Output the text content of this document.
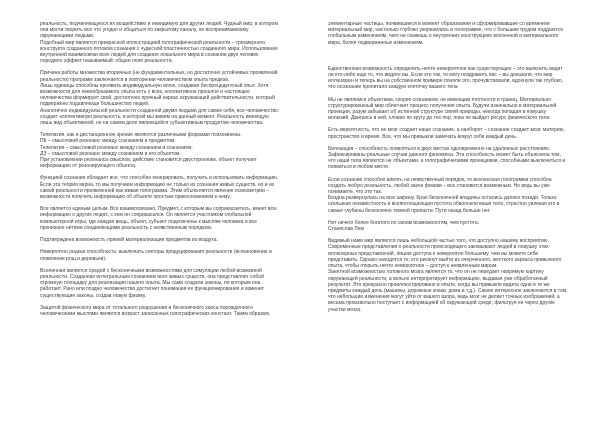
реальность, подчиняющуюся их воздействию и невидимую для других людей. Чудный мир, в котором они могли творить все что угодно и общаться по закрытому каналу, не воспринимаемому окружающими людьми.

Подобный мир является прекрасной иллюстрацией голографической реальности – трехмерного конструкта созданного потоком сознания с чудесной пластичностью созданного мира. Использование внутренней взаимосвязи всех людей для создания локального мира в сознании двух человек породило эффект называемый: общее поле реальности.

Причина работы множества вторичных (не фундаментальных, но достаточно устойчивых проявлений реальности) программ заключается в повторении человечеством опыта предков.

Лишь единицы способны проявить индивидуальную волю, создавая беспрецедентный опыт. Хотя возможности для невообразимого опыта есть у всех, коллективное прошлое и настоящее человечества формирует свой, достаточно прочный каркас окружающей действительности, который подвержено подавляюще большинство людей.

Аналогично индивидуальной реальности созданной двумя людьми для самих себя, все человечество создает коллективную реальность, в которой мы живем на данный момент. Реальность имеющую лишь вид объективной, но на самом деле являющейся субъективным продуктом человечества.

Телепатия, как и дистанционное зрение являются различными формами психокинеза.

ПК – смысловой резонанс между сознанием и предметом.

Телепатия – смысловой резонанс между сознанием и сознанием.

ДЗ – смысловой резонанс между сознанием и его объектом.

При установлении резонанса смыслов, действие становится двусторонним, объект получает информацию от резонирующего объекта.

Функцией сознания обладает все, что способно генерировать, получать и использовать информацию. Если эта теория верна, то мы получаем информацию не только из сознания живых существ, но и из самой реальности проявленной как живая голограмма. Этим объясняется явление психометрии – возможности получить информацию об объекте простым прикосновением к нему.

Все является единым целым. Все взаимосвязано. Предмет, с которым вы соприкасаетесь, имеет всю информацию о других людях, с кем он соприкасался. Он является участником глобальной компьютерной игры, где каждая вещь, объект, субъект подключены к мыслям человека и все пронизано нитями соединяющими реальность с неявственным порядком.

Подтверждена возможность прямой материализации предметов из воздуха.

Невероятно редкая способность: выключать секторы продуцирования реальности (исчезновение и появление рощ и деревьев).

Вселенная является средой с бесконечными возможностями для симуляции любой возможной реальности. Созданная интегральным сознанием всех живых существ, она представляет собой огромную площадку для реализации нашего опыта. Мы сами создали законы, по которым она работает. Рано или поздно человечество достигнет понимания ее функционирования и изменит существующие законы, создав новую физику.

Защитой физического мира от тотального разрушения и бесконечного хаоса порожденного человеческими мыслями является возраст записанных голографических констант. Таким образом,

элементарные частицы, появившиеся в момент образования и сформировавшие со временем материальный мир, настолько глубоко укоренились в голограмме, что с большим трудом поддаются глобальным изменениям, чего не скажешь о внутренних конструкциях вселенной и материального мира, более подверженных изменениям.

Единственная возможность определить нечто невероятное как существующее – это выяснить видят ли кто-либо еще то, что видите вы. Если это так, то могу поздравить вас – вы доказали, что мир иллюзорен и теперь вы на собственном примере поняли это, прочувствовали, вдохнули так глубоко, что осознание пропитало каждую клеточку вашего тела

Мы не являемся объектами, скорее сознанием, не имеющим плотности и границ. Материально структурированный мир облегчает процесс получения опыта. Будучи изначально в материальной проекции, разум забывает об истинной структуре своей природы, некогда попадая в ловушку иллюзий. Двигаясь в ней, словно по кругу до тех пор, пока не выйдет ресурс физического тела

Есть вероятность, что не мозг создает наше сознание, а наоборот – сознание создает мозг, материю, пространство и время. Все, что мы привыкли замечать вокруг себя каждый день.

Билокация – способность появляться в двух местах одновременно на удаленных расстояниях. Зафиксированы реальные случаи данного феномена. Эта способность может быть объяснена тем, что наши тела являются не объектами, а голографическими проекциями, способными выключиться и появиться в любом месте.

Если сознание способно влиять на неявственный порядок, то вселенская голограмма способна создать любую реальность, любой закон физики – все становится возможным. Но ведь вы уже понимаете, что это так.

Бездна развернулась на всю ширину. Края бесконечной впадины остались далеко позади. Только скользкая неизвестность и всепоглощающая пустота обволокли ваше тело, страстно увлекая его в самые глубины бесконечно темной пропасти. Пути назад больше нет.

Нет ничего более богатого по своим возможностям, чем пустота.

Станислав Лем

Видимый нами мир является лишь небольшой частью того, что доступно нашему восприятию. Современные представления о реальности происходящего заковывают людей в ловушку этих иллюзорных представлений, лишая доступа к невероятно большему, чем вы можете себе представить. Однако находятся те, кто рискнут выйти из очерченного, жесткого каркаса привычного опыта, чтобы открыть нечто невероятное – доступ к неявленным мирам.

Занятной возможностью головного мозга является то, что он не передает напрямую картину окружающей реальности, а вольно интерпретирует информацию, выдавая уже обработанный результат. Это прекрасно проиллюстрировано в опыте, когда вы привыкли видеть одни и те же предметы каждый день (машины, дорожные знаки, дома и т.д.). Самое интересное заключается в том, что небольшие изменения могут уйти от вашего взора, ведь мозг не делает точных изображений, а весьма произвольно поступает с информацией об окружающей среде, фильтруя ее через другие участки мозга.
